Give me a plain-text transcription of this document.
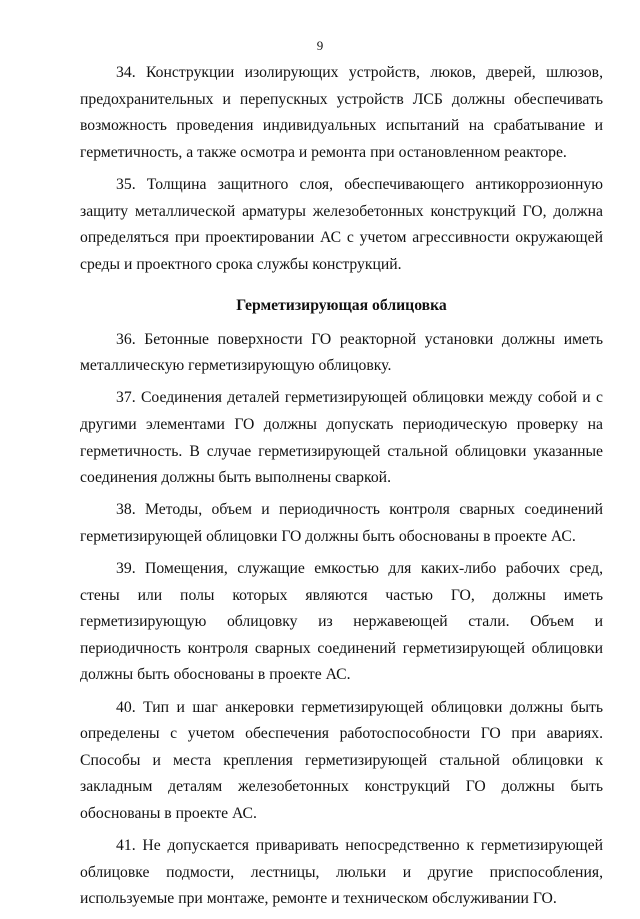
9

34. Конструкции изолирующих устройств, люков, дверей, шлюзов, предохранительных и перепускных устройств ЛСБ должны обеспечивать возможность проведения индивидуальных испытаний на срабатывание и герметичность, а также осмотра и ремонта при остановленном реакторе.

35. Толщина защитного слоя, обеспечивающего антикоррозионную защиту металлической арматуры железобетонных конструкций ГО, должна определяться при проектировании АС с учетом агрессивности окружающей среды и проектного срока службы конструкций.

Герметизирующая облицовка

36. Бетонные поверхности ГО реакторной установки должны иметь металлическую герметизирующую облицовку.

37. Соединения деталей герметизирующей облицовки между собой и с другими элементами ГО должны допускать периодическую проверку на герметичность. В случае герметизирующей стальной облицовки указанные соединения должны быть выполнены сваркой.

38. Методы, объем и периодичность контроля сварных соединений герметизирующей облицовки ГО должны быть обоснованы в проекте АС.

39. Помещения, служащие емкостью для каких-либо рабочих сред, стены или полы которых являются частью ГО, должны иметь герметизирующую облицовку из нержавеющей стали. Объем и периодичность контроля сварных соединений герметизирующей облицовки должны быть обоснованы в проекте АС.

40. Тип и шаг анкеровки герметизирующей облицовки должны быть определены с учетом обеспечения работоспособности ГО при авариях. Способы и места крепления герметизирующей стальной облицовки к закладным деталям железобетонных конструкций ГО должны быть обоснованы в проекте АС.

41. Не допускается приваривать непосредственно к герметизирующей облицовке подмости, лестницы, люльки и другие приспособления, используемые при монтаже, ремонте и техническом обслуживании ГО.
